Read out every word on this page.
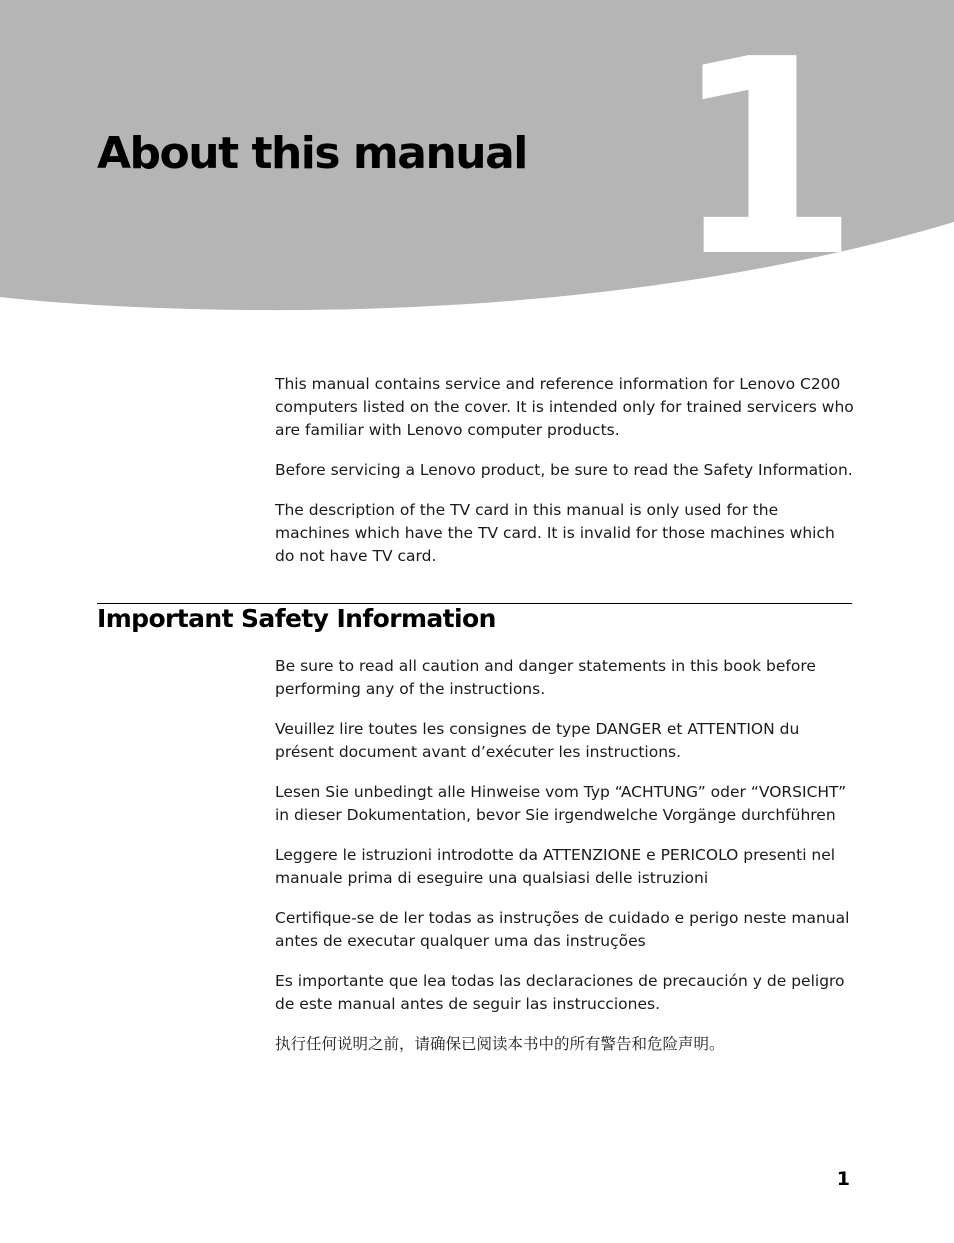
1
About this manual

This manual contains service and reference information for Lenovo C200 computers listed on the cover. It is intended only for trained servicers who are familiar with Lenovo computer products.

Before servicing a Lenovo product, be sure to read the Safety Information.

The description of the TV card in this manual is only used for the machines which have the TV card. It is invalid for those machines which do not have TV card.

Important Safety Information

Be sure to read all caution and danger statements in this book before performing any of the instructions.

Veuillez lire toutes les consignes de type DANGER et ATTENTION du présent document avant d’exécuter les instructions.

Lesen Sie unbedingt alle Hinweise vom Typ “ACHTUNG” oder “VORSICHT” in dieser Dokumentation, bevor Sie irgendwelche Vorgänge durchführen

Leggere le istruzioni introdotte da ATTENZIONE e PERICOLO presenti nel manuale prima di eseguire una qualsiasi delle istruzioni

Certifique-se de ler todas as instruções de cuidado e perigo neste manual antes de executar qualquer uma das instruções

Es importante que lea todas las declaraciones de precaución y de peligro de este manual antes de seguir las instrucciones.

执行任何说明之前，请确保已阅读本书中的所有警告和危险声明。

1
